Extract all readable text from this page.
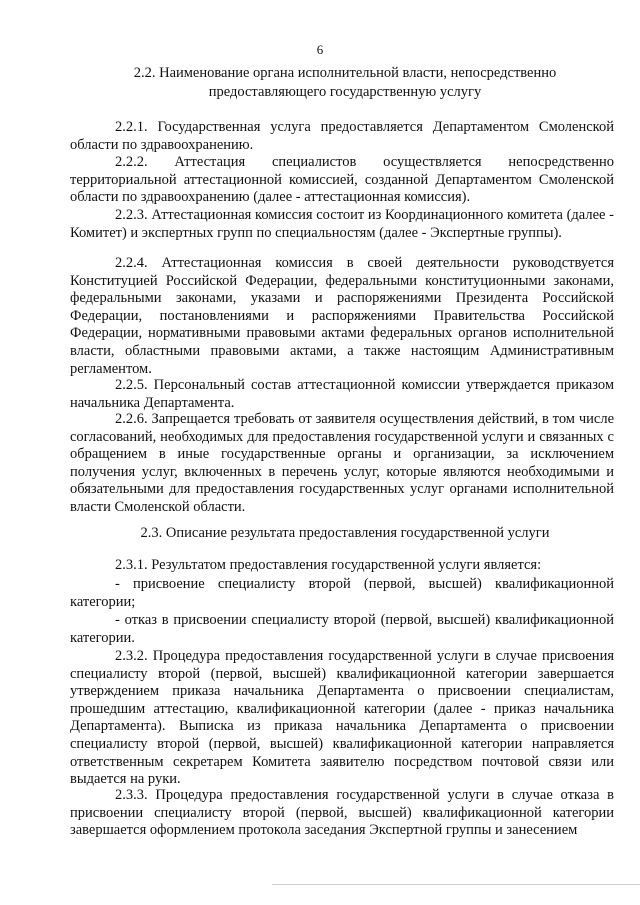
6
2.2. Наименование органа исполнительной власти, непосредственно
предоставляющего государственную услугу

2.2.1. Государственная услуга предоставляется Департаментом Смоленской области по здравоохранению.

2.2.2. Аттестация специалистов осуществляется непосредственно территориальной аттестационной комиссией, созданной Департаментом Смоленской области по здравоохранению (далее - аттестационная комиссия).

2.2.3. Аттестационная комиссия состоит из Координационного комитета (далее - Комитет) и экспертных групп по специальностям (далее - Экспертные группы).

2.2.4. Аттестационная комиссия в своей деятельности руководствуется Конституцией Российской Федерации, федеральными конституционными законами, федеральными законами, указами и распоряжениями Президента Российской Федерации, постановлениями и распоряжениями Правительства Российской Федерации, нормативными правовыми актами федеральных органов исполнительной власти, областными правовыми актами, а также настоящим Административным регламентом.

2.2.5. Персональный состав аттестационной комиссии утверждается приказом начальника Департамента.

2.2.6. Запрещается требовать от заявителя осуществления действий, в том числе согласований, необходимых для предоставления государственной услуги и связанных с обращением в иные государственные органы и организации, за исключением получения услуг, включенных в перечень услуг, которые являются необходимыми и обязательными для предоставления государственных услуг органами исполнительной власти Смоленской области.

2.3. Описание результата предоставления государственной услуги

2.3.1. Результатом предоставления государственной услуги является:

- присвоение специалисту второй (первой, высшей) квалификационной категории;

- отказ в присвоении специалисту второй (первой, высшей) квалификационной категории.

2.3.2. Процедура предоставления государственной услуги в случае присвоения специалисту второй (первой, высшей) квалификационной категории завершается утверждением приказа начальника Департамента о присвоении специалистам, прошедшим аттестацию, квалификационной категории (далее - приказ начальника Департамента). Выписка из приказа начальника Департамента о присвоении специалисту второй (первой, высшей) квалификационной категории направляется ответственным секретарем Комитета заявителю посредством почтовой связи или выдается на руки.

2.3.3. Процедура предоставления государственной услуги в случае отказа в присвоении специалисту второй (первой, высшей) квалификационной категории завершается оформлением протокола заседания Экспертной группы и занесением
